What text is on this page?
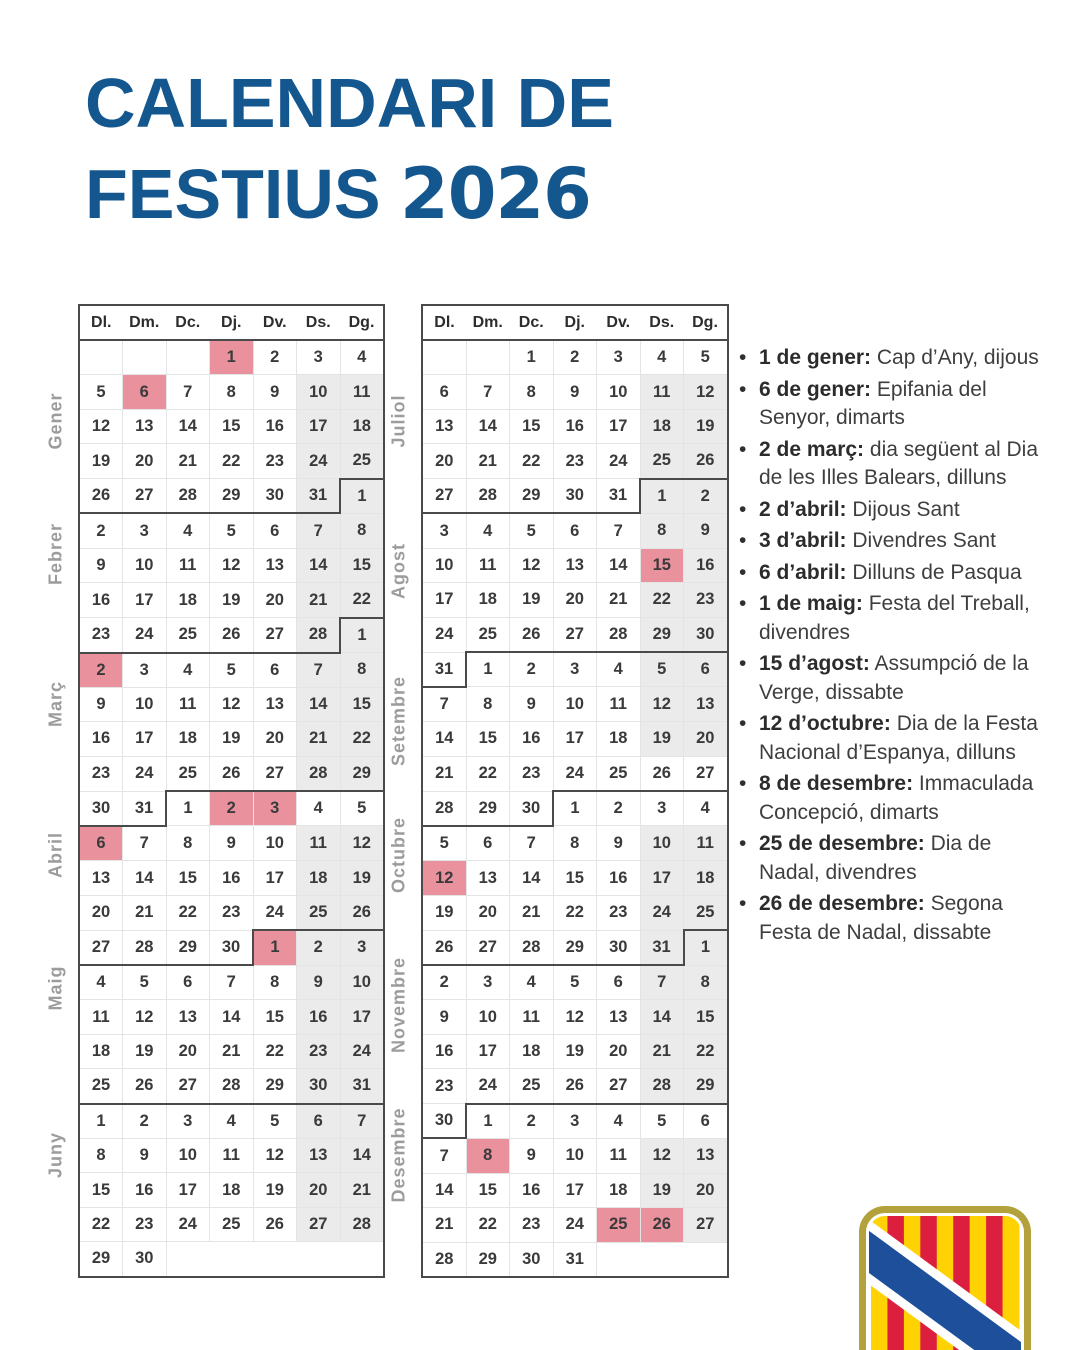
CALENDARI DE
FESTIUS 2026
Dl.	Dm.	Dc.	Dj.	Dv.	Ds.	Dg.
			1	2	3	4
5	6	7	8	9	10	11
12	13	14	15	16	17	18
19	20	21	22	23	24	25
26	27	28	29	30	31	1
2	3	4	5	6	7	8
9	10	11	12	13	14	15
16	17	18	19	20	21	22
23	24	25	26	27	28	1
2	3	4	5	6	7	8
9	10	11	12	13	14	15
16	17	18	19	20	21	22
23	24	25	26	27	28	29
30	31	1	2	3	4	5
6	7	8	9	10	11	12
13	14	15	16	17	18	19
20	21	22	23	24	25	26
27	28	29	30	1	2	3
4	5	6	7	8	9	10
11	12	13	14	15	16	17
18	19	20	21	22	23	24
25	26	27	28	29	30	31
1	2	3	4	5	6	7
8	9	10	11	12	13	14
15	16	17	18	19	20	21
22	23	24	25	26	27	28
29	30					
Gener
Febrer
Març
Abril
Maig
Juny
Dl.	Dm.	Dc.	Dj.	Dv.	Ds.	Dg.
		1	2	3	4	5
6	7	8	9	10	11	12
13	14	15	16	17	18	19
20	21	22	23	24	25	26
27	28	29	30	31	1	2
3	4	5	6	7	8	9
10	11	12	13	14	15	16
17	18	19	20	21	22	23
24	25	26	27	28	29	30
31	1	2	3	4	5	6
7	8	9	10	11	12	13
14	15	16	17	18	19	20
21	22	23	24	25	26	27
28	29	30	1	2	3	4
5	6	7	8	9	10	11
12	13	14	15	16	17	18
19	20	21	22	23	24	25
26	27	28	29	30	31	1
2	3	4	5	6	7	8
9	10	11	12	13	14	15
16	17	18	19	20	21	22
23	24	25	26	27	28	29
30	1	2	3	4	5	6
7	8	9	10	11	12	13
14	15	16	17	18	19	20
21	22	23	24	25	26	27
28	29	30	31			
Juliol
Agost
Setembre
Octubre
Novembre
Desembre
• 1 de gener: Cap d’Any, dijous
• 6 de gener: Epifania del Senyor, dimarts
• 2 de març: dia següent al Dia de les Illes Balears, dilluns
• 2 d’abril: Dijous Sant
• 3 d’abril: Divendres Sant
• 6 d’abril: Dilluns de Pasqua
• 1 de maig: Festa del Treball, divendres
• 15 d’agost: Assumpció de la Verge, dissabte
• 12 d’octubre: Dia de la Festa Nacional d’Espanya, dilluns
• 8 de desembre: Immaculada Concepció, dimarts
• 25 de desembre: Dia de Nadal, divendres
• 26 de desembre: Segona Festa de Nadal, dissabte
